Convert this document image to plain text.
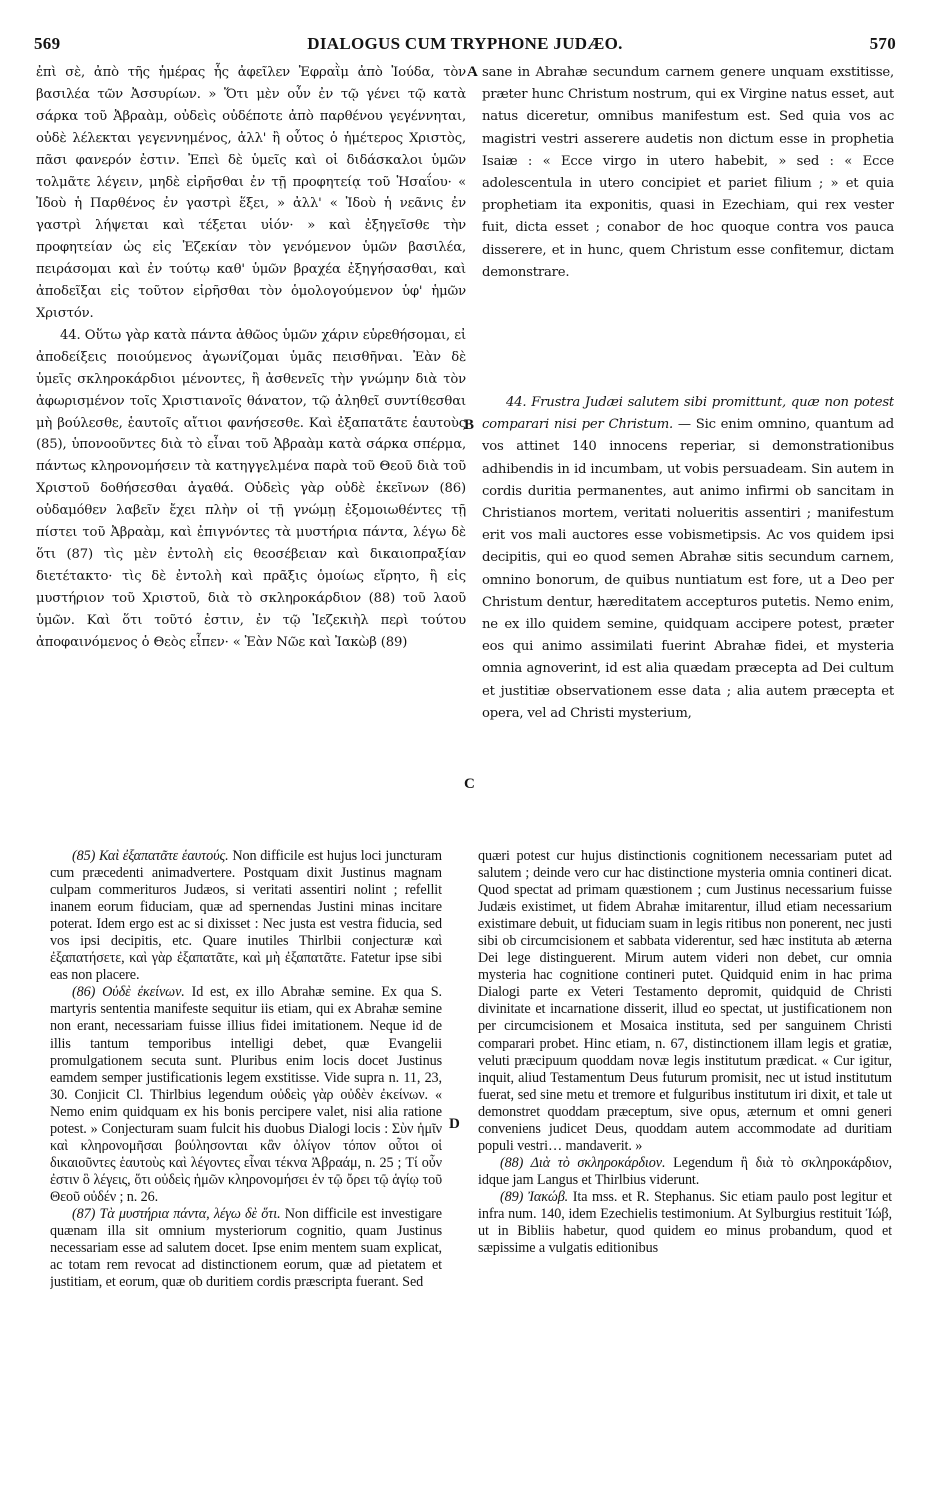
569	DIALOGUS CUM TRYPHONE JUDÆO.	570

ἐπὶ σὲ, ἀπὸ τῆς ἡμέρας ἧς ἀφεῖλεν Ἐφραῒμ ἀπὸ Ἰούδα, τὸν βασιλέα τῶν Ἀσσυρίων. » Ὅτι μὲν οὖν ἐν τῷ γένει τῷ κατὰ σάρκα τοῦ Ἀβραὰμ, οὐδεὶς οὐδέποτε ἀπὸ παρθένου γεγέννηται, οὐδὲ λέλεκται γεγεννημένος, ἀλλ' ἢ οὗτος ὁ ἡμέτερος Χριστὸς, πᾶσι φανερόν ἐστιν. Ἐπεὶ δὲ ὑμεῖς καὶ οἱ διδάσκαλοι ὑμῶν τολμᾶτε λέγειν, μηδὲ εἰρῆσθαι ἐν τῇ προφητείᾳ τοῦ Ἡσαΐου· « Ἰδοὺ ἡ Παρθένος ἐν γαστρὶ ἕξει, » ἀλλ' « Ἰδοὺ ἡ νεᾶνις ἐν γαστρὶ λήψεται καὶ τέξεται υἱόν· » καὶ ἐξηγεῖσθε τὴν προφητείαν ὡς εἰς Ἐζεκίαν τὸν γενόμενον ὑμῶν βασιλέα, πειράσομαι καὶ ἐν τούτῳ καθ' ὑμῶν βραχέα ἐξηγήσασθαι, καὶ ἀποδεῖξαι εἰς τοῦτον εἰρῆσθαι τὸν ὁμολογούμενον ὑφ' ἡμῶν Χριστόν.

44. Οὕτω γὰρ κατὰ πάντα ἀθῶος ὑμῶν χάριν εὑρεθήσομαι, εἰ ἀποδείξεις ποιούμενος ἀγωνίζομαι ὑμᾶς πεισθῆναι. Ἐὰν δὲ ὑμεῖς σκληροκάρδιοι μένοντες, ἢ ἀσθενεῖς τὴν γνώμην διὰ τὸν ἀφωρισμένον τοῖς Χριστιανοῖς θάνατον, τῷ ἀληθεῖ συντίθεσθαι μὴ βούλεσθε, ἑαυτοῖς αἴτιοι φανήσεσθε. Καὶ ἐξαπατᾶτε ἑαυτοὺς (85), ὑπονοοῦντες διὰ τὸ εἶναι τοῦ Ἀβραὰμ κατὰ σάρκα σπέρμα, πάντως κληρονομήσειν τὰ κατηγγελμένα παρὰ τοῦ Θεοῦ διὰ τοῦ Χριστοῦ δοθήσεσθαι ἀγαθά. Οὐδεὶς γὰρ οὐδὲ ἐκεῖνων (86) οὐδαμόθεν λαβεῖν ἔχει πλὴν οἱ τῇ γνώμῃ ἐξομοιωθέντες τῇ πίστει τοῦ Ἀβραὰμ, καὶ ἐπιγνόντες τὰ μυστήρια πάντα, λέγω δὲ ὅτι (87) τὶς μὲν ἐντολὴ εἰς θεοσέβειαν καὶ δικαιοπραξίαν διετέτακτο· τὶς δὲ ἐντολὴ καὶ πρᾶξις ὁμοίως εἴρητο, ἢ εἰς μυστήριον τοῦ Χριστοῦ, διὰ τὸ σκληροκάρδιον (88) τοῦ λαοῦ ὑμῶν. Καὶ ὅτι τοῦτό ἐστιν, ἐν τῷ Ἰεζεκιὴλ περὶ τούτου ἀποφαινόμενος ὁ Θεὸς εἶπεν· « Ἐὰν Νῶε καὶ Ἰακὼβ (89)

sane in Abrahæ secundum carnem genere unquam exstitisse, præter hunc Christum nostrum, qui ex Virgine natus esset, aut natus diceretur, omnibus manifestum est. Sed quia vos ac magistri vestri asserere audetis non dictum esse in prophetia Isaiæ : « Ecce virgo in utero habebit, » sed : « Ecce adolescentula in utero concipiet et pariet filium ; » et quia prophetiam ita exponitis, quasi in Ezechiam, qui rex vester fuit, dicta esset ; conabor de hoc quoque contra vos pauca disserere, et in hunc, quem Christum esse confitemur, dictam demonstrare.

44. Frustra Judæi salutem sibi promittunt, quæ non potest comparari nisi per Christum. — Sic enim omnino, quantum ad vos attinet 140 innocens reperiar, si demonstrationibus adhibendis in id incumbam, ut vobis persuadeam. Sin autem in cordis duritia permanentes, aut animo infirmi ob sancitam in Christianos mortem, veritati nolueritis assentiri ; manifestum erit vos mali auctores esse vobismetipsis. Ac vos quidem ipsi decipitis, qui eo quod semen Abrahæ sitis secundum carnem, omnino bonorum, de quibus nuntiatum est fore, ut a Deo per Christum dentur, hæreditatem accepturos putetis. Nemo enim, ne ex illo quidem semine, quidquam accipere potest, præter eos qui animo assimilati fuerint Abrahæ fidei, et mysteria omnia agnoverint, id est alia quædam præcepta ad Dei cultum et justitiæ observationem esse data ; alia autem præcepta et opera, vel ad Christi mysterium,

A
B
C
D

(85) Καὶ ἐξαπατᾶτε ἑαυτούς. Non difficile est hujus loci juncturam cum præcedenti animadvertere. Postquam dixit Justinus magnam culpam commerituros Judæos, si veritati assentiri nolint ; refellit inanem eorum fiduciam, quæ ad spernendas Justini minas incitare poterat. Idem ergo est ac si dixisset : Nec justa est vestra fiducia, sed vos ipsi decipitis, etc. Quare inutiles Thirlbii conjecturæ καὶ ἐξαπατήσετε, καὶ γὰρ ἐξαπατᾶτε, καὶ μὴ ἐξαπατᾶτε. Fatetur ipse sibi eas non placere.

(86) Οὐδὲ ἐκείνων. Id est, ex illo Abrahæ semine. Ex qua S. martyris sententia manifeste sequitur iis etiam, qui ex Abrahæ semine non erant, necessariam fuisse illius fidei imitationem. Neque id de illis tantum temporibus intelligi debet, quæ Evangelii promulgationem secuta sunt. Pluribus enim locis docet Justinus eamdem semper justificationis legem exstitisse. Vide supra n. 11, 23, 30. Conjicit Cl. Thirlbius legendum οὐδεὶς γὰρ οὐδὲν ἐκείνων. « Nemo enim quidquam ex his bonis percipere valet, nisi alia ratione potest. » Conjecturam suam fulcit his duobus Dialogi locis : Σὺν ἡμῖν καὶ κληρονομῆσαι βούλησονται κἂν ὀλίγον τόπον οὗτοι οἱ δικαιοῦντες ἑαυτοὺς καὶ λέγοντες εἶναι τέκνα Ἀβραάμ, n. 25 ; Τί οὖν ἐστιν ὃ λέγεις, ὅτι οὐδεὶς ἡμῶν κληρονομήσει ἐν τῷ ὄρει τῷ ἁγίῳ τοῦ Θεοῦ οὐδέν ; n. 26.

(87) Τὰ μυστήρια πάντα, λέγω δὲ ὅτι. Non difficile est investigare quænam illa sit omnium mysteriorum cognitio, quam Justinus necessariam esse ad salutem docet. Ipse enim mentem suam explicat, ac totam rem revocat ad distinctionem eorum, quæ ad pietatem et justitiam, et eorum, quæ ob duritiem cordis præscripta fuerant. Sed

quæri potest cur hujus distinctionis cognitionem necessariam putet ad salutem ; deinde vero cur hac distinctione mysteria omnia contineri dicat. Quod spectat ad primam quæstionem ; cum Justinus necessarium fuisse Judæis existimet, ut fidem Abrahæ imitarentur, illud etiam necessarium existimare debuit, ut fiduciam suam in legis ritibus non ponerent, nec justi sibi ob circumcisionem et sabbata viderentur, sed hæc instituta ab æterna Dei lege distinguerent. Mirum autem videri non debet, cur omnia mysteria hac cognitione contineri putet. Quidquid enim in hac prima Dialogi parte ex Veteri Testamento depromit, quidquid de Christi divinitate et incarnatione disserit, illud eo spectat, ut justificationem non per circumcisionem et Mosaica instituta, sed per sanguinem Christi comparari probet. Hinc etiam, n. 67, distinctionem illam legis et gratiæ, veluti præcipuum quoddam novæ legis institutum prædicat. « Cur igitur, inquit, aliud Testamentum Deus futurum promisit, nec ut istud institutum fuerat, sed sine metu et tremore et fulguribus institutum iri dixit, et tale ut demonstret quoddam præceptum, sive opus, æternum et omni generi conveniens judicet Deus, quoddam autem accommodate ad duritiam populi vestri… mandaverit. »

(88) Διὰ τὸ σκληροκάρδιον. Legendum ἢ διὰ τὸ σκληροκάρδιον, idque jam Langus et Thirlbius viderunt.

(89) Ἰακώβ. Ita mss. et R. Stephanus. Sic etiam paulo post legitur et infra num. 140, idem Ezechielis testimonium. At Sylburgius restituit Ἰώβ, ut in Bibliis habetur, quod quidem eo minus probandum, quod et sæpissime a vulgatis editionibus
